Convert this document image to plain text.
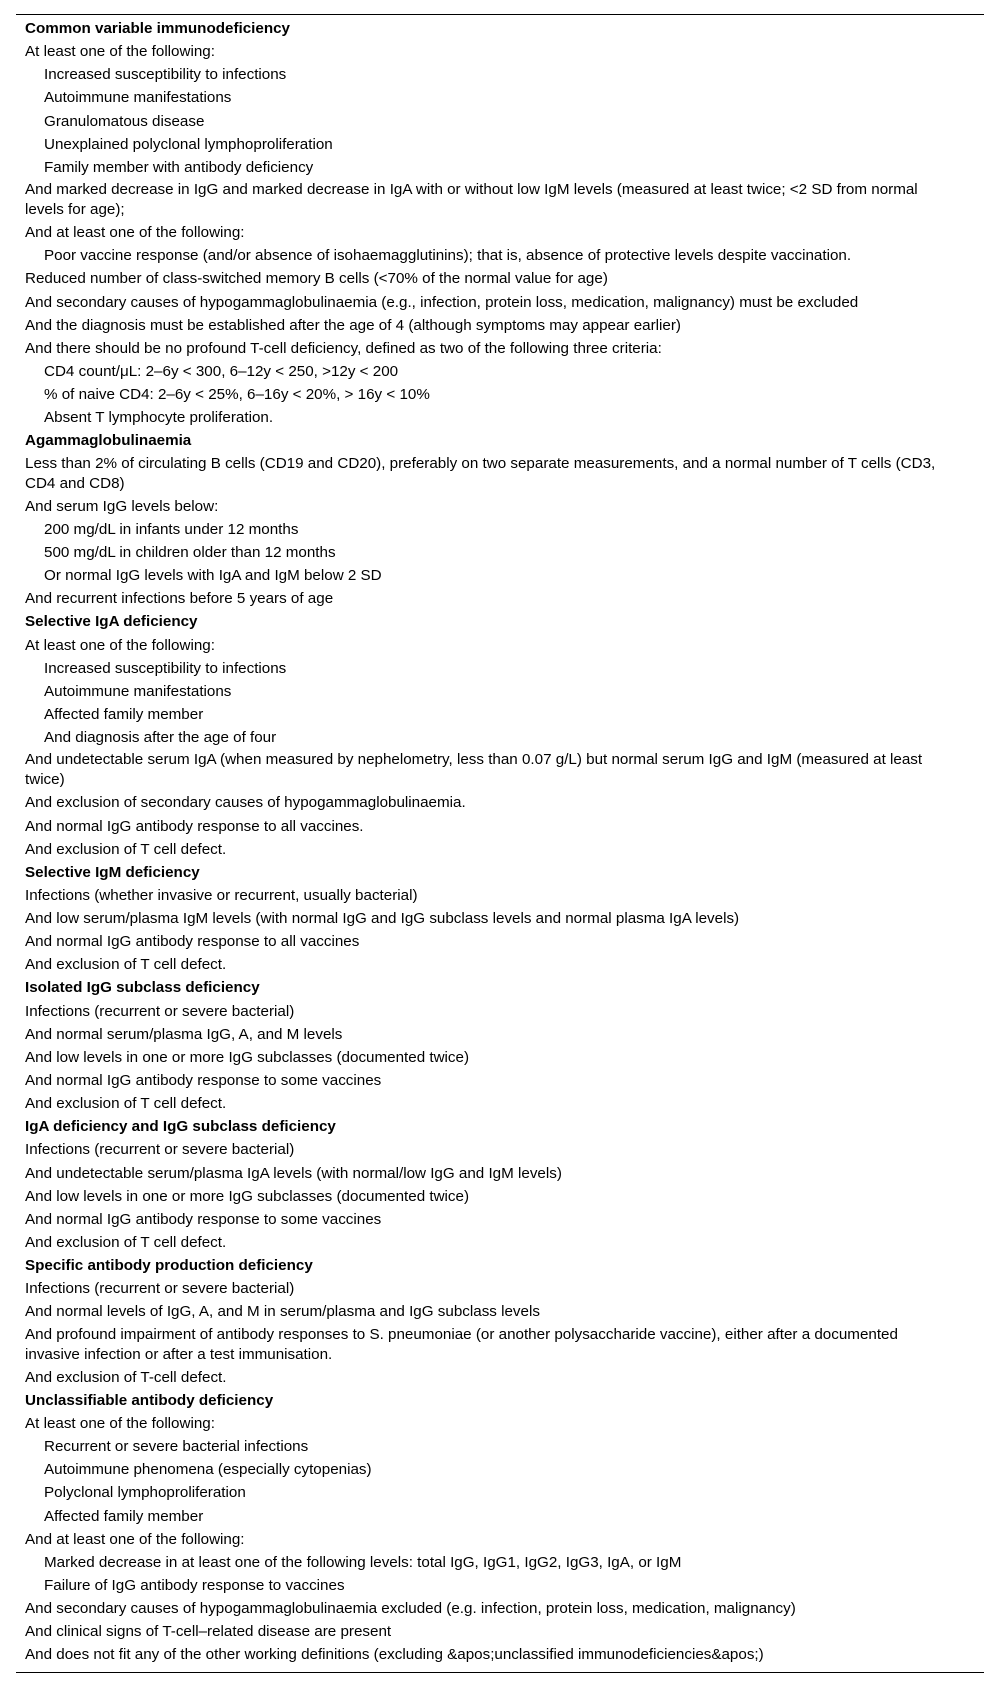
Common variable immunodeficiency
At least one of the following:
Increased susceptibility to infections
Autoimmune manifestations
Granulomatous disease
Unexplained polyclonal lymphoproliferation
Family member with antibody deficiency
And marked decrease in IgG and marked decrease in IgA with or without low IgM levels (measured at least twice; <2 SD from normal levels for age);
And at least one of the following:
Poor vaccine response (and/or absence of isohaemagglutinins); that is, absence of protective levels despite vaccination.
Reduced number of class-switched memory B cells (<70% of the normal value for age)
And secondary causes of hypogammaglobulinaemia (e.g., infection, protein loss, medication, malignancy) must be excluded
And the diagnosis must be established after the age of 4 (although symptoms may appear earlier)
And there should be no profound T-cell deficiency, defined as two of the following three criteria:
CD4 count/μL: 2–6y < 300, 6–12y < 250, >12y < 200
% of naive CD4: 2–6y < 25%, 6–16y < 20%, > 16y < 10%
Absent T lymphocyte proliferation.
Agammaglobulinaemia
Less than 2% of circulating B cells (CD19 and CD20), preferably on two separate measurements, and a normal number of T cells (CD3, CD4 and CD8)
And serum IgG levels below:
200 mg/dL in infants under 12 months
500 mg/dL in children older than 12 months
Or normal IgG levels with IgA and IgM below 2 SD
And recurrent infections before 5 years of age
Selective IgA deficiency
At least one of the following:
Increased susceptibility to infections
Autoimmune manifestations
Affected family member
And diagnosis after the age of four
And undetectable serum IgA (when measured by nephelometry, less than 0.07 g/L) but normal serum IgG and IgM (measured at least twice)
And exclusion of secondary causes of hypogammaglobulinaemia.
And normal IgG antibody response to all vaccines.
And exclusion of T cell defect.
Selective IgM deficiency
Infections (whether invasive or recurrent, usually bacterial)
And low serum/plasma IgM levels (with normal IgG and IgG subclass levels and normal plasma IgA levels)
And normal IgG antibody response to all vaccines
And exclusion of T cell defect.
Isolated IgG subclass deficiency
Infections (recurrent or severe bacterial)
And normal serum/plasma IgG, A, and M levels
And low levels in one or more IgG subclasses (documented twice)
And normal IgG antibody response to some vaccines
And exclusion of T cell defect.
IgA deficiency and IgG subclass deficiency
Infections (recurrent or severe bacterial)
And undetectable serum/plasma IgA levels (with normal/low IgG and IgM levels)
And low levels in one or more IgG subclasses (documented twice)
And normal IgG antibody response to some vaccines
And exclusion of T cell defect.
Specific antibody production deficiency
Infections (recurrent or severe bacterial)
And normal levels of IgG, A, and M in serum/plasma and IgG subclass levels
And profound impairment of antibody responses to S. pneumoniae (or another polysaccharide vaccine), either after a documented invasive infection or after a test immunisation.
And exclusion of T-cell defect.
Unclassifiable antibody deficiency
At least one of the following:
Recurrent or severe bacterial infections
Autoimmune phenomena (especially cytopenias)
Polyclonal lymphoproliferation
Affected family member
And at least one of the following:
Marked decrease in at least one of the following levels: total IgG, IgG1, IgG2, IgG3, IgA, or IgM
Failure of IgG antibody response to vaccines
And secondary causes of hypogammaglobulinaemia excluded (e.g. infection, protein loss, medication, malignancy)
And clinical signs of T-cell–related disease are present
And does not fit any of the other working definitions (excluding &apos;unclassified immunodeficiencies&apos;)
